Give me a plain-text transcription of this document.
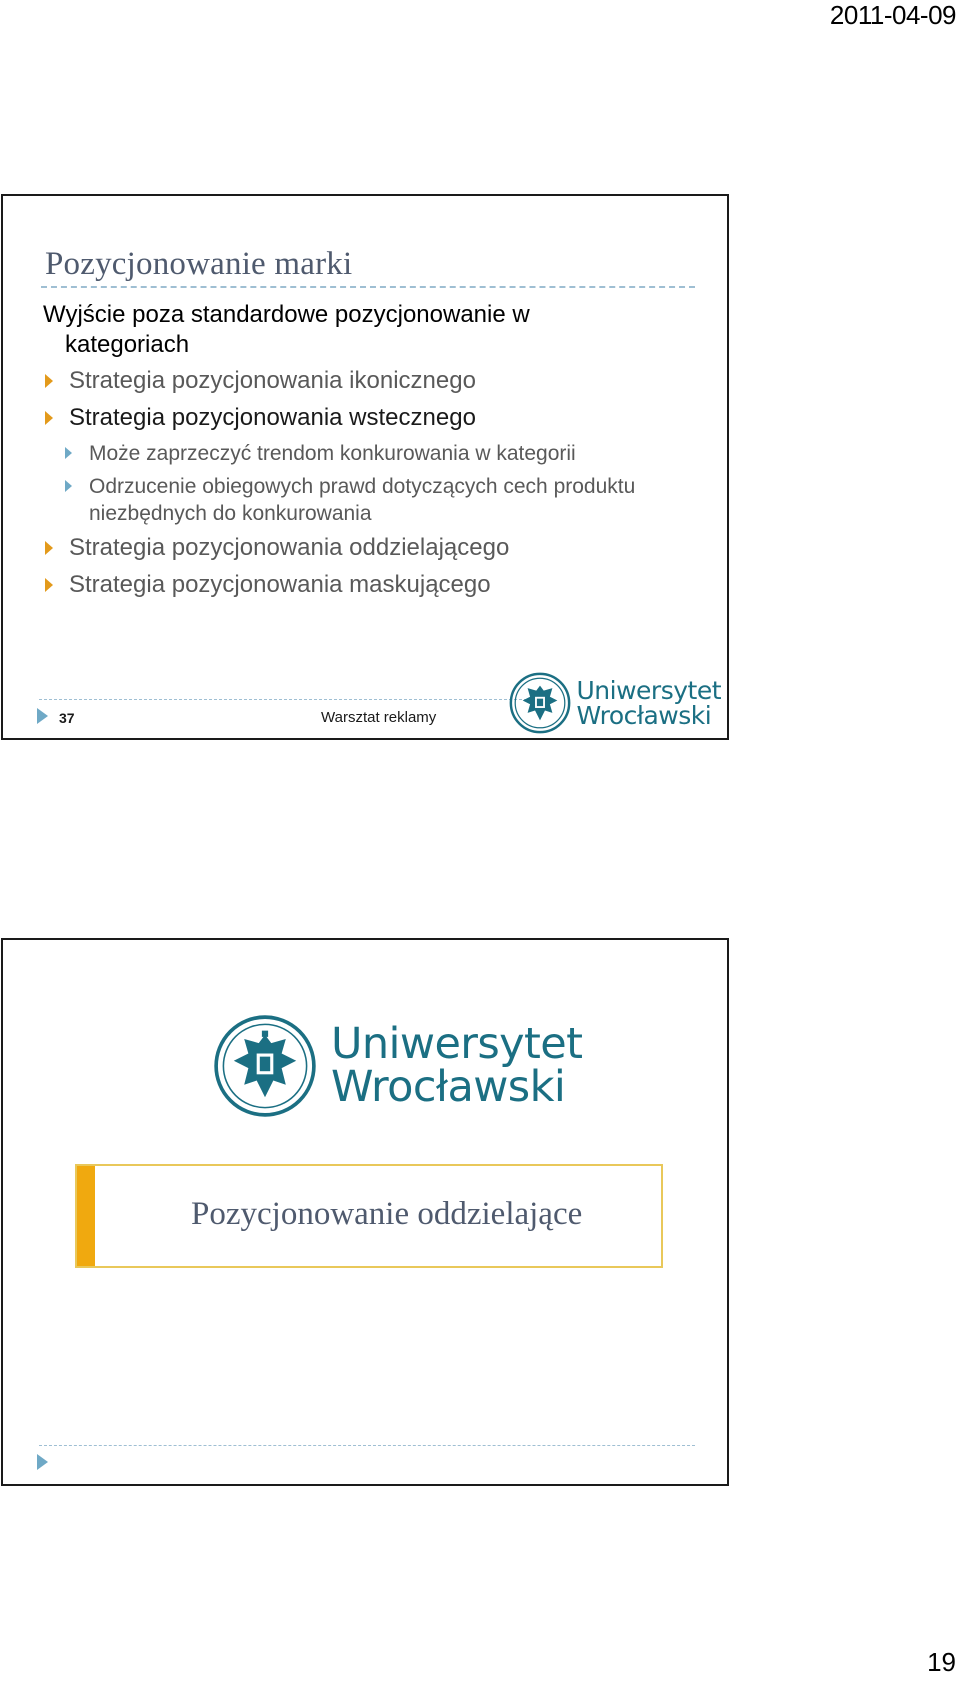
2011-04-09
Pozycjonowanie marki

Wyjście poza standardowe pozycjonowanie w
kategoriach

Strategia pozycjonowania ikonicznego
Strategia pozycjonowania wstecznego
Może zaprzeczyć trendom konkurowania w kategorii
Odrzucenie obiegowych prawd dotyczących cech produktu niezbędnych do konkurowania
Strategia pozycjonowania oddzielającego
Strategia pozycjonowania maskującego
37	Warsztat reklamy
Uniwersytet
Wrocławski
Uniwersytet
Wrocławski
Pozycjonowanie oddzielające
19
